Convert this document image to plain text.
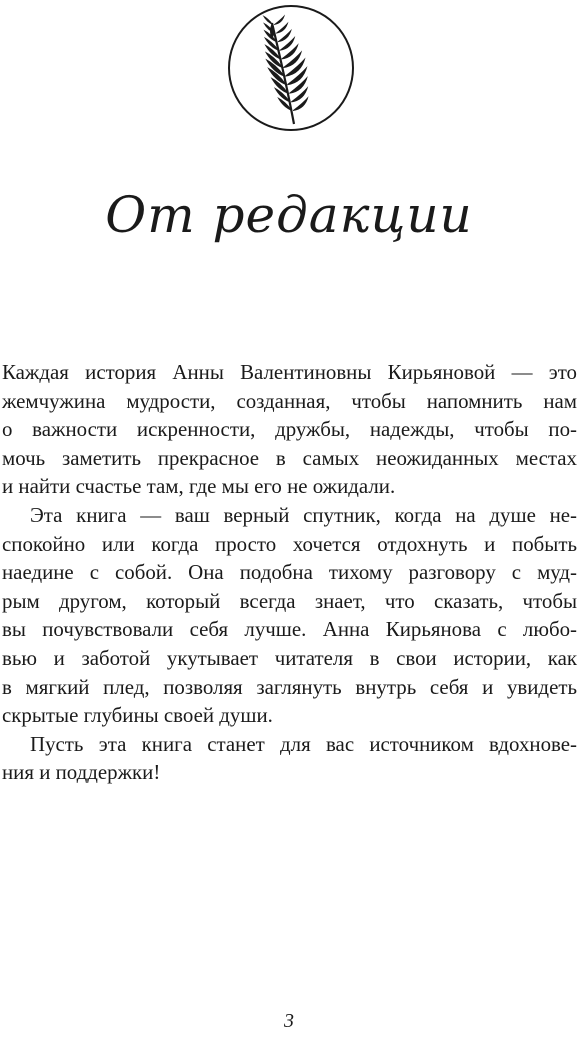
От редакции
Каждая история Анны Валентиновны Кирьяновой — это
жемчужина мудрости, созданная, чтобы напомнить нам
о важности искренности, дружбы, надежды, чтобы по-
мочь заметить прекрасное в самых неожиданных местах
и найти счастье там, где мы его не ожидали.
Эта книга — ваш верный спутник, когда на душе не-
спокойно или когда просто хочется отдохнуть и побыть
наедине с собой. Она подобна тихому разговору с муд-
рым другом, который всегда знает, что сказать, чтобы
вы почувствовали себя лучше. Анна Кирьянова с любо-
вью и заботой укутывает читателя в свои истории, как
в мягкий плед, позволяя заглянуть внутрь себя и увидеть
скрытые глубины своей души.
Пусть эта книга станет для вас источником вдохнове-
ния и поддержки!
3
